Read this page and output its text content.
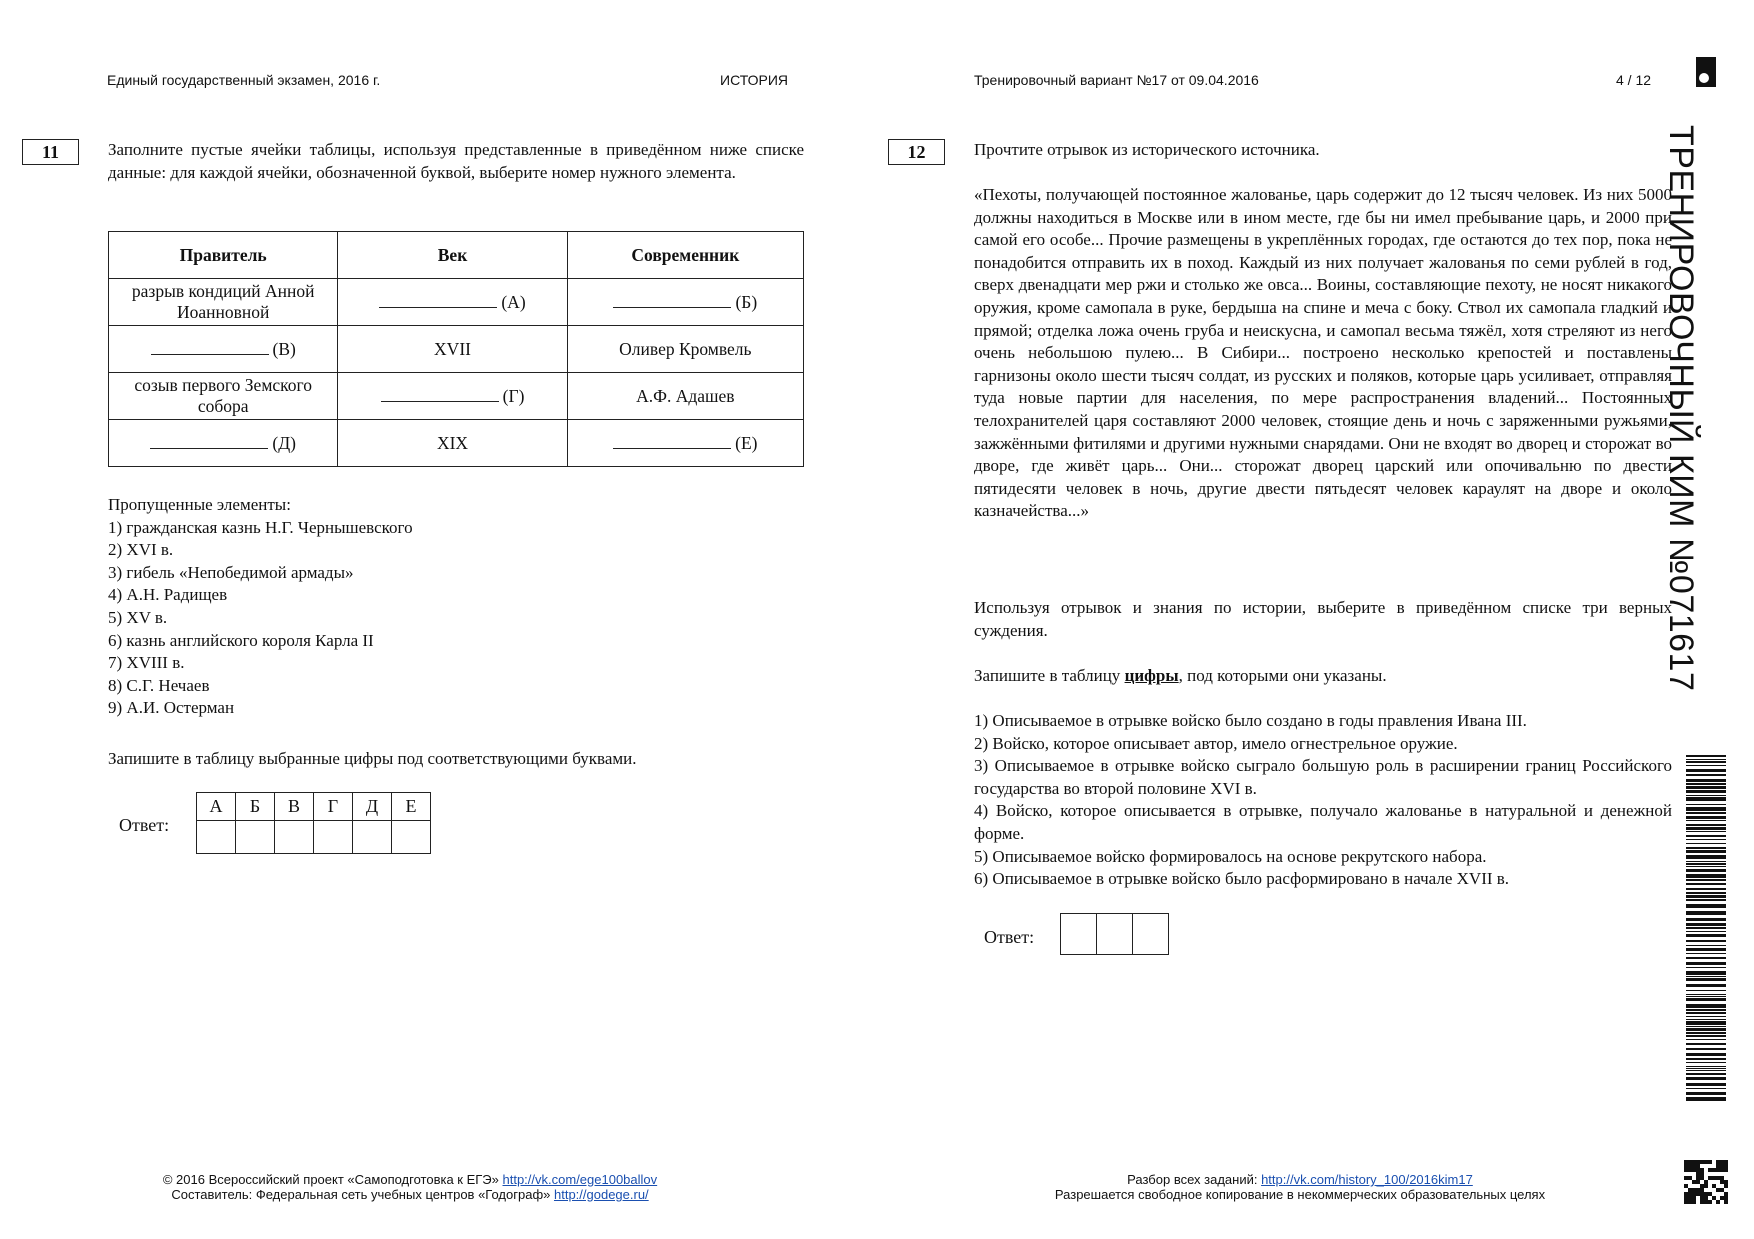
Единый государственный экзамен, 2016 г.	ИСТОРИЯ	Тренировочный вариант №17 от 09.04.2016	4 / 12
11	Заполните пустые ячейки таблицы, используя представленные в приведённом ниже списке данные: для каждой ячейки, обозначенной буквой, выберите номер нужного элемента.
Правитель	Век	Современник
разрыв кондиций Анной Иоанновной	(А)	(Б)
(В)	XVII	Оливер Кромвель
созыв первого Земского собора	(Г)	А.Ф. Адашев
(Д)	XIX	(Е)
Пропущенные элементы:
1) гражданская казнь Н.Г. Чернышевского
2) XVI в.
3) гибель «Непобедимой армады»
4) А.Н. Радищев
5) XV в.
6) казнь английского короля Карла II
7) XVIII в.
8) С.Г. Нечаев
9) А.И. Остерман
Запишите в таблицу выбранные цифры под соответствующими буквами.
Ответ:
А	Б	В	Г	Д	Е

12	Прочтите отрывок из исторического источника.
«Пехоты, получающей постоянное жалованье, царь содержит до 12 тысяч человек. Из них 5000 должны находиться в Москве или в ином месте, где бы ни имел пребывание царь, и 2000 при самой его особе... Прочие размещены в укреплённых городах, где остаются до тех пор, пока не понадобится отправить их в поход. Каждый из них получает жалованья по семи рублей в год, сверх двенадцати мер ржи и столько же овса... Воины, составляющие пехоту, не носят никакого оружия, кроме самопала в руке, бердыша на спине и меча с боку. Ствол их самопала гладкий и прямой; отделка ложа очень груба и неискусна, и самопал весьма тяжёл, хотя стреляют из него очень небольшою пулею... В Сибири... построено несколько крепостей и поставлены гарнизоны около шести тысяч солдат, из русских и поляков, которые царь усиливает, отправляя туда новые партии для населения, по мере распространения владений... Постоянных телохранителей царя составляют 2000 человек, стоящие день и ночь с заряженными ружьями, зажжёнными фитилями и другими нужными снарядами. Они не входят во дворец и сторожат во дворе, где живёт царь... Они... сторожат дворец царский или опочивальню по двести пятидесяти человек в ночь, другие двести пятьдесят человек караулят на дворе и около казначейства...»
Используя отрывок и знания по истории, выберите в приведённом списке три верных суждения.
Запишите в таблицу цифры, под которыми они указаны.
1) Описываемое в отрывке войско было создано в годы правления Ивана III.
2) Войско, которое описывает автор, имело огнестрельное оружие.
3) Описываемое в отрывке войско сыграло большую роль в расширении границ Российского государства во второй половине XVI в.
4) Войско, которое описывается в отрывке, получало жалованье в натуральной и денежной форме.
5) Описываемое войско формировалось на основе рекрутского набора.
6) Описываемое в отрывке войско было расформировано в начале XVII в.
Ответ:

ТРЕНИРОВОЧНЫЙ КИМ №071617
© 2016 Всероссийский проект «Самоподготовка к ЕГЭ» http://vk.com/ege100ballov
Составитель: Федеральная сеть учебных центров «Годограф» http://godege.ru/
Разбор всех заданий: http://vk.com/history_100/2016kim17
Разрешается свободное копирование в некоммерческих образовательных целях
